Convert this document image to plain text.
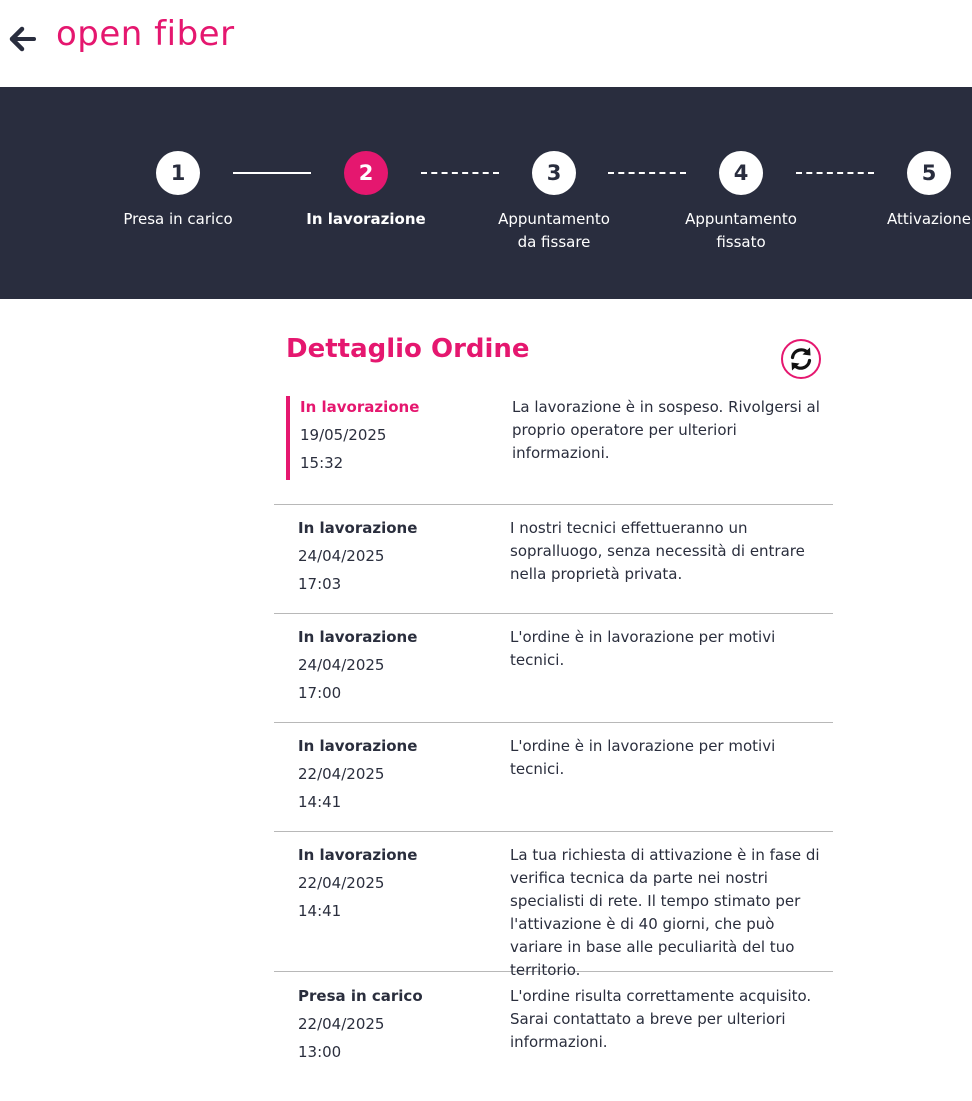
open fiber
1
Presa in carico
2
In lavorazione
3
Appuntamento
da fissare
4
Appuntamento
fissato
5
Attivazione
Dettaglio Ordine
In lavorazione
19/05/2025
15:32
La lavorazione è in sospeso. Rivolgersi al proprio operatore per ulteriori informazioni.
In lavorazione
24/04/2025
17:03
I nostri tecnici effettueranno un sopralluogo, senza necessità di entrare nella proprietà privata.
In lavorazione
24/04/2025
17:00
L'ordine è in lavorazione per motivi tecnici.
In lavorazione
22/04/2025
14:41
L'ordine è in lavorazione per motivi tecnici.
In lavorazione
22/04/2025
14:41
La tua richiesta di attivazione è in fase di verifica tecnica da parte nei nostri specialisti di rete. Il tempo stimato per l'attivazione è di 40 giorni, che può variare in base alle peculiarità del tuo territorio.
Presa in carico
22/04/2025
13:00
L'ordine risulta correttamente acquisito. Sarai contattato a breve per ulteriori informazioni.
